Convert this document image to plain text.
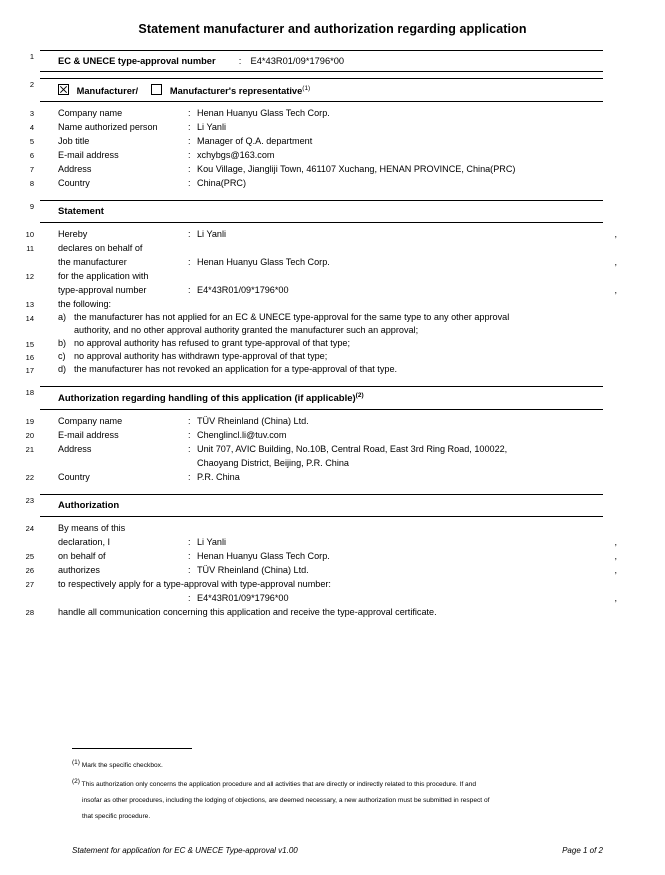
Statement manufacturer and authorization regarding application
1	EC & UNECE type-approval number : E4*43R01/09*1796*00
2
Manufacturer/	Manufacturer's representative$^{(1)}$
3	Company name	: Henan Huanyu Glass Tech Corp.
4	Name authorized person	: Li Yanli
5	Job title	: Manager of Q.A. department
6	E-mail address	: xchybgs@163.com
7	Address	: Kou Village, Jiangliji Town, 461107 Xuchang, HENAN PROVINCE, China(PRC)
8	Country	: China(PRC)
9	Statement
10	Hereby	: Li Yanli	,
11	declares on behalf of
the manufacturer	: Henan Huanyu Glass Tech Corp.	,
12	for the application with
type-approval number	: E4*43R01/09*1796*00	,
13	the following:
14	a) the manufacturer has not applied for an EC & UNECE type-approval for the same type to any other approval
authority, and no other approval authority granted the manufacturer such an approval;
15	b) no approval authority has refused to grant type-approval of that type;
16	c) no approval authority has withdrawn type-approval of that type;
17	d) the manufacturer has not revoked an application for a type-approval of that type.
18
Authorization regarding handling of this application (if applicable)$^{(2)}$
19	Company name	: TÜV Rheinland (China) Ltd.
20	E-mail address	: Chenglincl.li@tuv.com
21	Address	: Unit 707, AVIC Building, No.10B, Central Road, East 3rd Ring Road, 100022,
Chaoyang District, Beijing, P.R. China
22	Country	: P.R. China
23	Authorization
24	By means of this
declaration, I	: Li Yanli	,
25	on behalf of	: Henan Huanyu Glass Tech Corp.	,
26	authorizes	: TÜV Rheinland (China) Ltd.	,
27	to respectively apply for a type-approval with type-approval number:
: E4*43R01/09*1796*00	,
28	handle all communication concerning this application and receive the type-approval certificate.
(1) Mark the specific checkbox.
(2) This authorization only concerns the application procedure and all activities that are directly or indirectly related to this procedure. If and
insofar as other procedures, including the lodging of objections, are deemed necessary, a new authorization must be submitted in respect of
that specific procedure.
Statement for application for EC & UNECE Type-approval v1.00	Page 1 of 2
